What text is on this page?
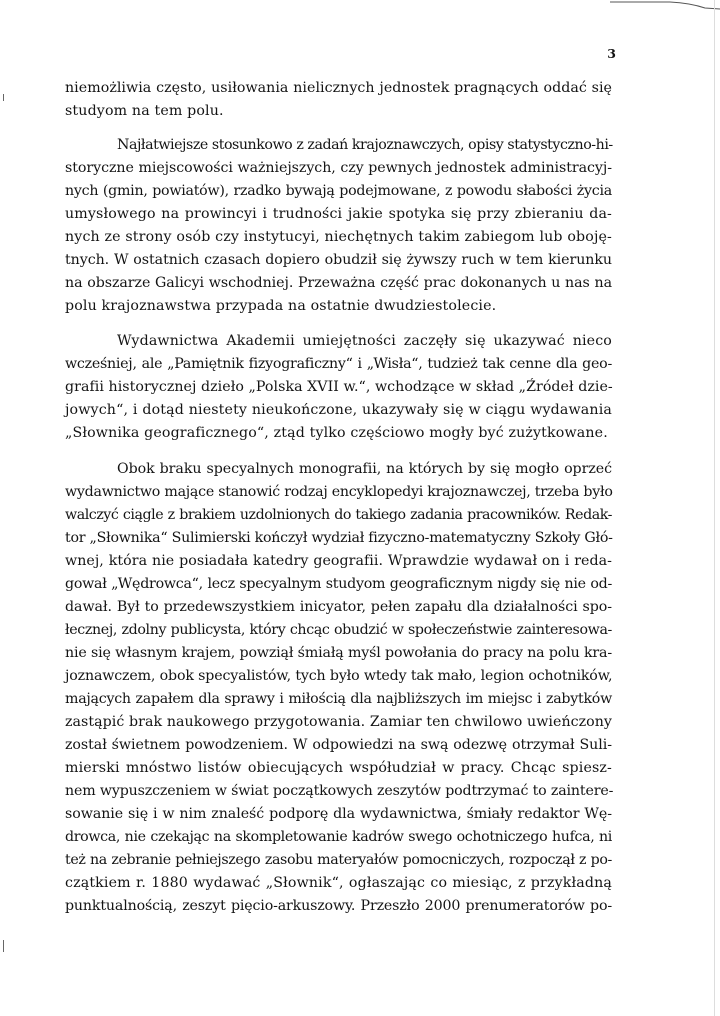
3
niemożliwia często, usiłowania nielicznych jednostek pragnących oddać się
studyom na tem polu.
Najłatwiejsze stosunkowo z zadań krajoznawczych, opisy statystyczno-hi-
storyczne miejscowości ważniejszych, czy pewnych jednostek administracyj-
nych (gmin, powiatów), rzadko bywają podejmowane, z powodu słabości życia
umysłowego na prowincyi i trudności jakie spotyka się przy zbieraniu da-
nych ze strony osób czy instytucyi, niechętnych takim zabiegom lub oboję-
tnych. W ostatnich czasach dopiero obudził się żywszy ruch w tem kierunku
na obszarze Galicyi wschodniej. Przeważna część prac dokonanych u nas na
polu krajoznawstwa przypada na ostatnie dwudziestolecie.
Wydawnictwa Akademii umiejętności zaczęły się ukazywać nieco
wcześniej, ale „Pamiętnik fizyograficzny“ i „Wisła“, tudzież tak cenne dla geo-
grafii historycznej dzieło „Polska XVII w.“, wchodzące w skład „Źródeł dzie-
jowych“, i dotąd niestety nieukończone, ukazywały się w ciągu wydawania
„Słownika geograficznego“, ztąd tylko częściowo mogły być zużytkowane.
Obok braku specyalnych monografii, na których by się mogło oprzeć
wydawnictwo mające stanowić rodzaj encyklopedyi krajoznawczej, trzeba było
walczyć ciągle z brakiem uzdolnionych do takiego zadania pracowników. Redak-
tor „Słownika“ Sulimierski kończył wydział fizyczno-matematyczny Szkoły Głó-
wnej, która nie posiadała katedry geografii. Wprawdzie wydawał on i reda-
gował „Wędrowca“, lecz specyalnym studyom geograficznym nigdy się nie od-
dawał. Był to przedewszystkiem inicyator, pełen zapału dla działalności spo-
łecznej, zdolny publicysta, który chcąc obudzić w społeczeństwie zainteresowa-
nie się własnym krajem, powziął śmiałą myśl powołania do pracy na polu kra-
joznawczem, obok specyalistów, tych było wtedy tak mało, legion ochotników,
mających zapałem dla sprawy i miłością dla najbliższych im miejsc i zabytków
zastąpić brak naukowego przygotowania. Zamiar ten chwilowo uwieńczony
został świetnem powodzeniem. W odpowiedzi na swą odezwę otrzymał Suli-
mierski mnóstwo listów obiecujących współudział w pracy. Chcąc spiesz-
nem wypuszczeniem w świat początkowych zeszytów podtrzymać to zaintere-
sowanie się i w nim znaleść podporę dla wydawnictwa, śmiały redaktor Wę-
drowca, nie czekając na skompletowanie kadrów swego ochotniczego hufca, ni
też na zebranie pełniejszego zasobu materyałów pomocniczych, rozpoczął z po-
czątkiem r. 1880 wydawać „Słownik“, ogłaszając co miesiąc, z przykładną
punktualnością, zeszyt pięcio-arkuszowy. Przeszło 2000 prenumeratorów po-
